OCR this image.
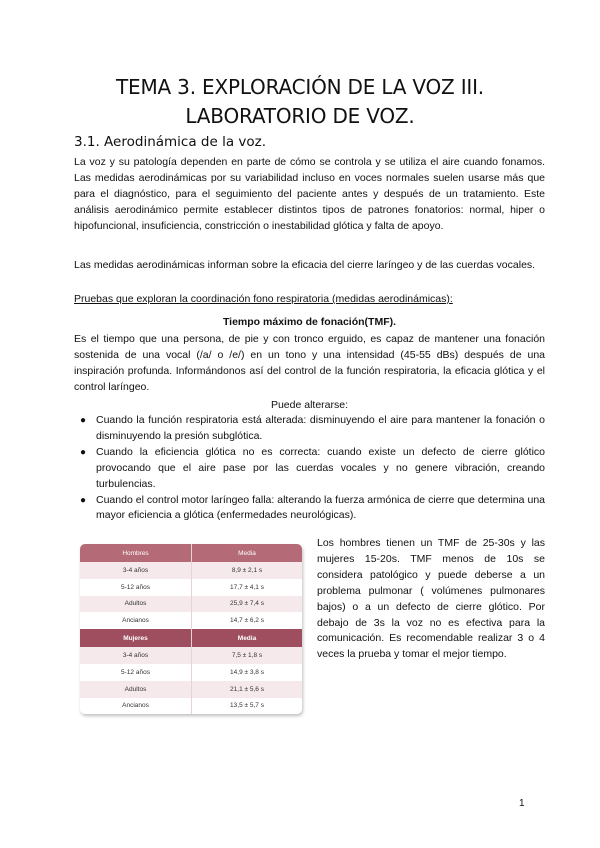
TEMA 3. EXPLORACIÓN DE LA VOZ III. LABORATORIO DE VOZ.
3.1. Aerodinámica de la voz.

La voz y su patología dependen en parte de cómo se controla y se utiliza el aire cuando fonamos. Las medidas aerodinámicas por su variabilidad incluso en voces normales suelen usarse más que para el diagnóstico, para el seguimiento del paciente antes y después de un tratamiento. Este análisis aerodinámico permite establecer distintos tipos de patrones fonatorios: normal, hiper o hipofuncional, insuficiencia, constricción o inestabilidad glótica y falta de apoyo.

Las medidas aerodinámicas informan sobre la eficacia del cierre laríngeo y de las cuerdas vocales.

Pruebas que exploran la coordinación fono respiratoria (medidas aerodinámicas):

Tiempo máximo de fonación(TMF).

Es el tiempo que una persona, de pie y con tronco erguido, es capaz de mantener una fonación sostenida de una vocal (/a/ o /e/) en un tono y una intensidad (45-55 dBs) después de una inspiración profunda. Informándonos así del control de la función respiratoria, la eficacia glótica y el control laríngeo.

Puede alterarse:

● Cuando la función respiratoria está alterada: disminuyendo el aire para mantener la fonación o disminuyendo la presión subglótica.
● Cuando la eficiencia glótica no es correcta: cuando existe un defecto de cierre glótico provocando que el aire pase por las cuerdas vocales y no genere vibración, creando turbulencias.
● Cuando el control motor laríngeo falla: alterando la fuerza armónica de cierre que determina una mayor eficiencia a glótica (enfermedades neurológicas).
Hombres	Media
3-4 años	8,9 ± 2,1 s
5-12 años	17,7 ± 4,1 s
Adultos	25,9 ± 7,4 s
Ancianos	14,7 ± 6,2 s
Mujeres	Media
3-4 años	7,5 ± 1,8 s
5-12 años	14,9 ± 3,8 s
Adultos	21,1 ± 5,6 s
Ancianos	13,5 ± 5,7 s

Los hombres tienen un TMF de 25-30s y las mujeres 15-20s. TMF menos de 10s se considera patológico y puede deberse a un problema pulmonar ( volúmenes pulmonares bajos) o a un defecto de cierre glótico. Por debajo de 3s la voz no es efectiva para la comunicación. Es recomendable realizar 3 o 4 veces la prueba y tomar el mejor tiempo.

1
